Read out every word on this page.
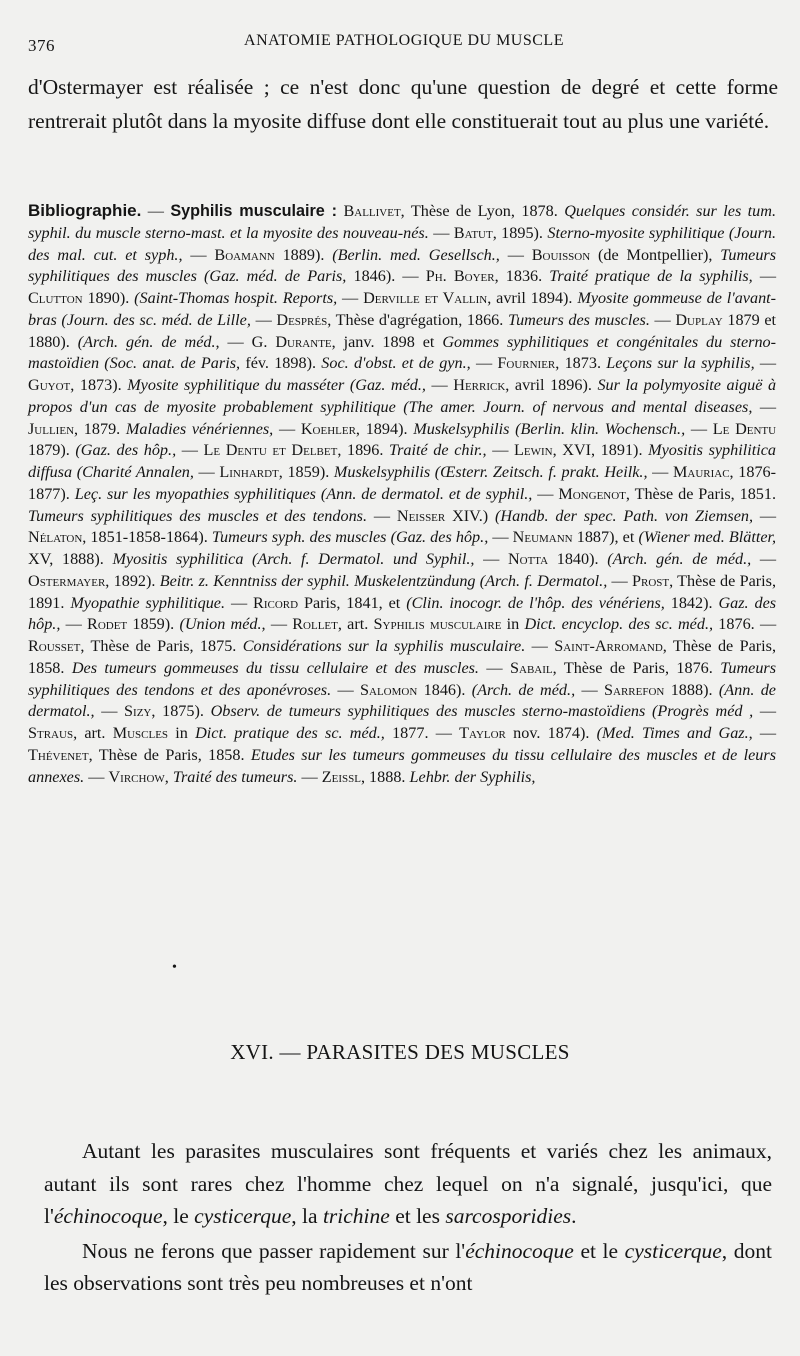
376	ANATOMIE PATHOLOGIQUE DU MUSCLE

d'Ostermayer est réalisée ; ce n'est donc qu'une question de degré et cette forme rentrerait plutôt dans la myosite diffuse dont elle constituerait tout au plus une variété.

Bibliographie. — Syphilis musculaire : Ballivet, Thèse de Lyon, 1878. Quelques considér. sur les tum. syphil. du muscle sterno-mast. et la myosite des nouveau-nés. — Batut, 1895). Sterno-myosite syphilitique (Journ. des mal. cut. et syph., — Boamann 1889). (Berlin. med. Gesellsch., — Bouisson (de Montpellier), Tumeurs syphilitiques des muscles (Gaz. méd. de Paris, 1846). — Ph. Boyer, 1836. Traité pratique de la syphilis, — Clutton 1890). (Saint-Thomas hospit. Reports, — Derville et Vallin, avril 1894). Myosite gommeuse de l'avant-bras (Journ. des sc. méd. de Lille, — Després, Thèse d'agrégation, 1866. Tumeurs des muscles. — Duplay 1879 et 1880). (Arch. gén. de méd., — G. Durante, janv. 1898 et Gommes syphilitiques et congénitales du sterno-mastoïdien (Soc. anat. de Paris, fév. 1898). Soc. d'obst. et de gyn., — Fournier, 1873. Leçons sur la syphilis, — Guyot, 1873). Myosite syphilitique du masséter (Gaz. méd., — Herrick, avril 1896). Sur la polymyosite aiguë à propos d'un cas de myosite probablement syphilitique (The amer. Journ. of nervous and mental diseases, — Jullien, 1879. Maladies vénériennes, — Koehler, 1894). Muskelsyphilis (Berlin. klin. Wochensch., — Le Dentu 1879). (Gaz. des hôp., — Le Dentu et Delbet, 1896. Traité de chir., — Lewin, XVI, 1891). Myositis syphilitica diffusa (Charité Annalen, — Linhardt, 1859). Muskelsyphilis (Œsterr. Zeitsch. f. prakt. Heilk., — Mauriac, 1876-1877). Leç. sur les myopathies syphilitiques (Ann. de dermatol. et de syphil., — Mongenot, Thèse de Paris, 1851. Tumeurs syphilitiques des muscles et des tendons. — Neisser XIV.) (Handb. der spec. Path. von Ziemsen, — Nélaton, 1851-1858-1864). Tumeurs syph. des muscles (Gaz. des hôp., — Neumann 1887), et (Wiener med. Blätter, XV, 1888). Myositis syphilitica (Arch. f. Dermatol. und Syphil., — Notta 1840). (Arch. gén. de méd., — Ostermayer, 1892). Beitr. z. Kenntniss der syphil. Muskelentzündung (Arch. f. Dermatol., — Prost, Thèse de Paris, 1891. Myopathie syphilitique. — Ricord Paris, 1841, et (Clin. inocogr. de l'hôp. des vénériens, 1842). Gaz. des hôp., — Rodet 1859). (Union méd., — Rollet, art. Syphilis musculaire in Dict. encyclop. des sc. méd., 1876. — Rousset, Thèse de Paris, 1875. Considérations sur la syphilis musculaire. — Saint-Arromand, Thèse de Paris, 1858. Des tumeurs gommeuses du tissu cellulaire et des muscles. — Sabail, Thèse de Paris, 1876. Tumeurs syphilitiques des tendons et des aponévroses. — Salomon 1846). (Arch. de méd., — Sarrefon 1888). (Ann. de dermatol., — Sizy, 1875). Observ. de tumeurs syphilitiques des muscles sterno-mastoïdiens (Progrès méd , — Straus, art. Muscles in Dict. pratique des sc. méd., 1877. — Taylor nov. 1874). (Med. Times and Gaz., — Thévenet, Thèse de Paris, 1858. Etudes sur les tumeurs gommeuses du tissu cellulaire des muscles et de leurs annexes. — Virchow, Traité des tumeurs. — Zeissl, 1888. Lehbr. der Syphilis,

•
XVI. — PARASITES DES MUSCLES

Autant les parasites musculaires sont fréquents et variés chez les animaux, autant ils sont rares chez l'homme chez lequel on n'a signalé, jusqu'ici, que l'échinocoque, le cysticerque, la trichine et les sarcosporidies.

Nous ne ferons que passer rapidement sur l'échinocoque et le cysticerque, dont les observations sont très peu nombreuses et n'ont
